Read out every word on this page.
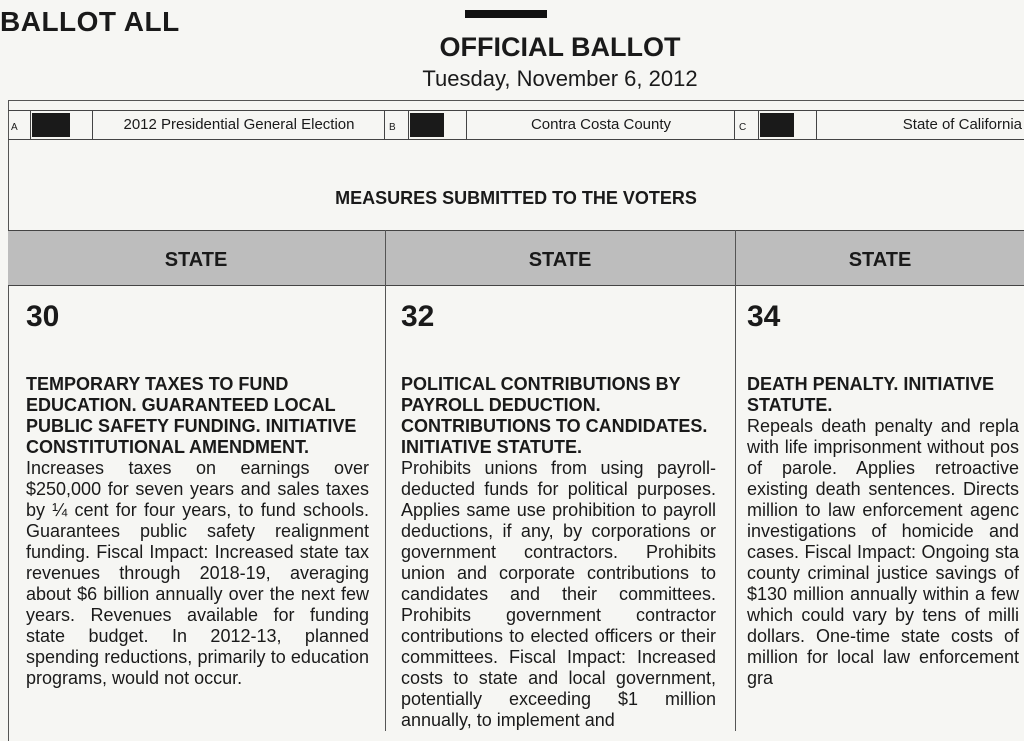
BALLOT ALL
OFFICIAL BALLOT
Tuesday, November 6, 2012
A	2012 Presidential General Election	B	Contra Costa County	C	State of California
MEASURES SUBMITTED TO THE VOTERS
STATE	STATE	STATE
30
TEMPORARY TAXES TO FUND EDUCATION. GUARANTEED LOCAL PUBLIC SAFETY FUNDING. INITIATIVE CONSTITUTIONAL AMENDMENT.
Increases taxes on earnings over $250,000 for seven years and sales taxes by ¼ cent for four years, to fund schools. Guarantees public safety realignment funding. Fiscal Impact: Increased state tax revenues through 2018-19, averaging about $6 billion annually over the next few years. Revenues available for funding state budget. In 2012-13, planned spending reductions, primarily to education programs, would not occur.
32
POLITICAL CONTRIBUTIONS BY PAYROLL DEDUCTION. CONTRIBUTIONS TO CANDIDATES. INITIATIVE STATUTE.
Prohibits unions from using payroll-deducted funds for political purposes. Applies same use prohibition to payroll deductions, if any, by corporations or government contractors. Prohibits union and corporate contributions to candidates and their committees. Prohibits government contractor contributions to elected officers or their committees. Fiscal Impact: Increased costs to state and local government, potentially exceeding $1 million annually, to implement and
34
DEATH PENALTY. INITIATIVE STATUTE.
Repeals death penalty and repla with life imprisonment without pos of parole. Applies retroactive existing death sentences. Directs million to law enforcement agenc investigations of homicide and cases. Fiscal Impact: Ongoing sta county criminal justice savings of $130 million annually within a few which could vary by tens of milli dollars. One-time state costs of million for local law enforcement gra
